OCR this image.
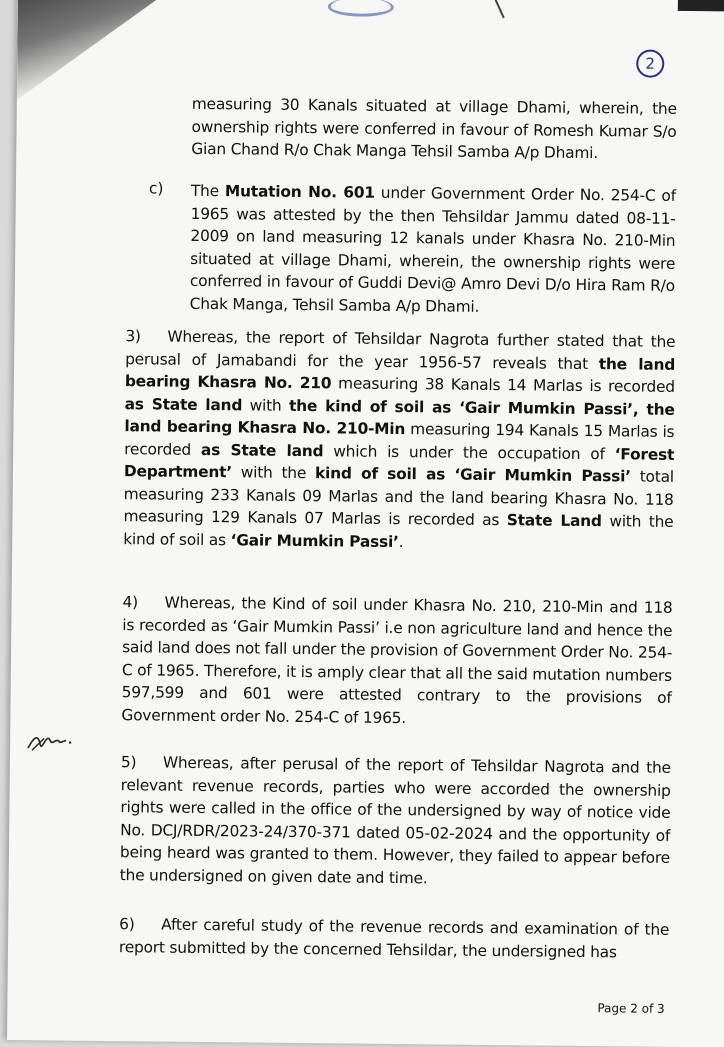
2
measuring 30 Kanals situated at village Dhami, wherein, the ownership rights were conferred in favour of Romesh Kumar S/o Gian Chand R/o Chak Manga Tehsil Samba A/p Dhami.
c) The Mutation No. 601 under Government Order No. 254-C of 1965 was attested by the then Tehsildar Jammu dated 08-11-2009 on land measuring 12 kanals under Khasra No. 210-Min situated at village Dhami, wherein, the ownership rights were conferred in favour of Guddi Devi@ Amro Devi D/o Hira Ram R/o Chak Manga, Tehsil Samba A/p Dhami.
3) Whereas, the report of Tehsildar Nagrota further stated that the perusal of Jamabandi for the year 1956-57 reveals that the land bearing Khasra No. 210 measuring 38 Kanals 14 Marlas is recorded as State land with the kind of soil as ‘Gair Mumkin Passi’, the land bearing Khasra No. 210-Min measuring 194 Kanals 15 Marlas is recorded as State land which is under the occupation of ‘Forest Department’ with the kind of soil as ‘Gair Mumkin Passi’ total measuring 233 Kanals 09 Marlas and the land bearing Khasra No. 118 measuring 129 Kanals 07 Marlas is recorded as State Land with the kind of soil as ‘Gair Mumkin Passi’.
4) Whereas, the Kind of soil under Khasra No. 210, 210-Min and 118 is recorded as ‘Gair Mumkin Passi’ i.e non agriculture land and hence the said land does not fall under the provision of Government Order No. 254-C of 1965. Therefore, it is amply clear that all the said mutation numbers 597,599 and 601 were attested contrary to the provisions of Government order No. 254-C of 1965.
5) Whereas, after perusal of the report of Tehsildar Nagrota and the relevant revenue records, parties who were accorded the ownership rights were called in the office of the undersigned by way of notice vide No. DCJ/RDR/2023-24/370-371 dated 05-02-2024 and the opportunity of being heard was granted to them. However, they failed to appear before the undersigned on given date and time.
6) After careful study of the revenue records and examination of the report submitted by the concerned Tehsildar, the undersigned has
Page 2 of 3
